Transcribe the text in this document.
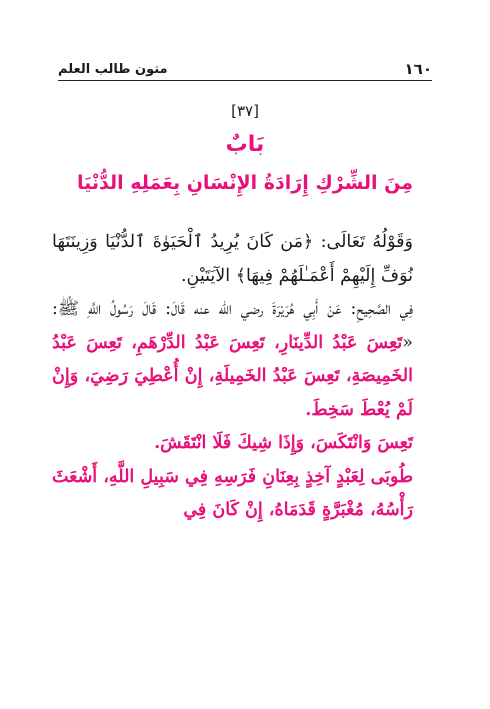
١٦٠
متون طالب العلم
[٣٧]
بَابٌ
مِنَ الشِّرْكِ إِرَادَةُ الإِنْسَانِ بِعَمَلِهِ الدُّنْيَا

وَقَوْلُهُ تَعَالَى: ﴿مَن كَانَ يُرِيدُ ٱلْحَيَوٰةَ ٱلدُّنْيَا وَزِينَتَهَا نُوَفِّ إِلَيْهِمْ أَعْمَـٰلَهُمْ فِيهَا﴾ الآيَتَيْنِ.

فِي الصَّحِيحِ: عَنْ أَبِي هُرَيْرَةَ رضي الله عنه قَالَ: قَالَ رَسُولُ اللَّهِ ﷺ: «تَعِسَ عَبْدُ الدِّينَارِ، تَعِسَ عَبْدُ الدِّرْهَمِ، تَعِسَ عَبْدُ الخَمِيصَةِ، تَعِسَ عَبْدُ الخَمِيلَةِ، إِنْ أُعْطِيَ رَضِيَ، وَإِنْ لَمْ يُعْطَ سَخِطَ.

تَعِسَ وَانْتَكَسَ، وَإِذَا شِيكَ فَلَا انْتَقَشَ.

طُوبَى لِعَبْدٍ آخِذٍ بِعِنَانِ فَرَسِهِ فِي سَبِيلِ اللَّهِ، أَشْعَثَ رَأْسُهُ، مُغْبَرَّةٍ قَدَمَاهُ، إِنْ كَانَ فِي
